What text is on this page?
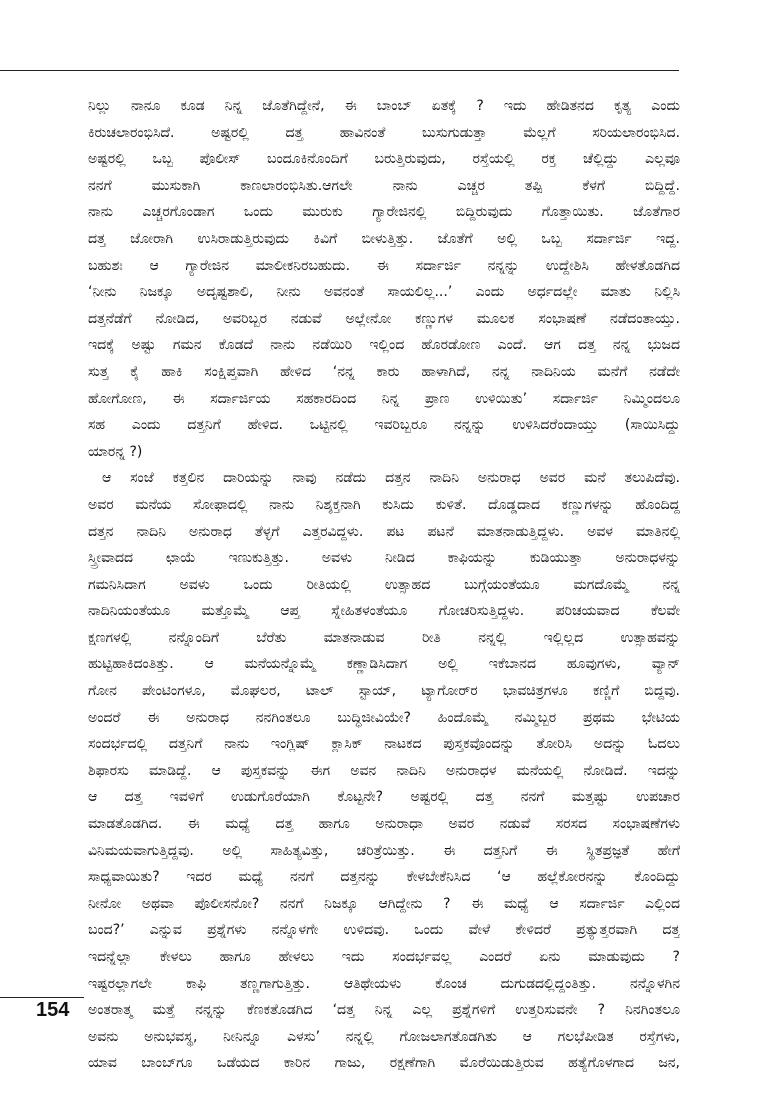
ನಿಲ್ಲು ನಾನೂ ಕೂಡ ನಿನ್ನ ಜೊತೆಗಿದ್ದೇನೆ, ಈ ಬಾಂಬ್ ಏತಕ್ಕೆ ? ಇದು ಹೇಡಿತನದ ಕೃತ್ಯ ಎಂದು
ಕಿರುಚಲಾರಂಭಿಸಿದೆ. ಅಷ್ಟರಲ್ಲಿ ದತ್ತ ಹಾವಿನಂತೆ ಬುಸುಗುಡುತ್ತಾ ಮೆಲ್ಲಗೆ ಸರಿಯಲಾರಂಭಿಸಿದ.
ಅಷ್ಟರಲ್ಲಿ ಒಬ್ಬ ಪೊಲೀಸ್ ಬಂದೂಕಿನೊಂದಿಗೆ ಬರುತ್ತಿರುವುದು, ರಸ್ತೆಯಲ್ಲಿ ರಕ್ತ ಚೆಲ್ಲಿದ್ದು ಎಲ್ಲವೂ
ನನಗೆ ಮುಸುಕಾಗಿ ಕಾಣಲಾರಂಭಿಸಿತು.ಆಗಲೇ ನಾನು ಎಚ್ಚರ ತಪ್ಪಿ ಕೆಳಗೆ ಬಿದ್ದಿದ್ದೆ.
ನಾನು ಎಚ್ಚರಗೊಂಡಾಗ ಒಂದು ಮುರುಕು ಗ್ಯಾರೇಜಿನಲ್ಲಿ ಬಿದ್ದಿರುವುದು ಗೊತ್ತಾಯಿತು. ಜೊತೆಗಾರ
ದತ್ತ ಜೋರಾಗಿ ಉಸಿರಾಡುತ್ತಿರುವುದು ಕಿವಿಗೆ ಬೀಳುತ್ತಿತ್ತು. ಜೊತೆಗೆ ಅಲ್ಲಿ ಒಬ್ಬ ಸರ್ದಾರ್ಜಿ ಇದ್ದ.
ಬಹುಶಃ ಆ ಗ್ಯಾರೇಜಿನ ಮಾಲೀಕನಿರಬಹುದು. ಈ ಸರ್ದಾರ್ಜಿ ನನ್ನನ್ನು ಉದ್ದೇಶಿಸಿ ಹೇಳತೊಡಗಿದ
‘ನೀನು ನಿಜಕ್ಕೂ ಅದೃಷ್ಟಶಾಲಿ, ನೀನು ಅವನಂತೆ ಸಾಯಲಿಲ್ಲ...’ ಎಂದು ಅರ್ಧದಲ್ಲೇ ಮಾತು ನಿಲ್ಲಿಸಿ
ದತ್ತನೆಡೆಗೆ ನೋಡಿದ, ಅವರಿಬ್ಬರ ನಡುವೆ ಅಲ್ಲೇನೋ ಕಣ್ಣುಗಳ ಮೂಲಕ ಸಂಭಾಷಣೆ ನಡೆದಂತಾಯ್ತು.
ಇದಕ್ಕೆ ಅಷ್ಟು ಗಮನ ಕೊಡದೆ ನಾನು ನಡೆಯಿರಿ ಇಲ್ಲಿಂದ ಹೊರಡೋಣ ಎಂದೆ. ಆಗ ದತ್ತ ನನ್ನ ಭುಜದ
ಸುತ್ತ ಕೈ ಹಾಕಿ ಸಂಕ್ಷಿಪ್ತವಾಗಿ ಹೇಳಿದ ‘ನನ್ನ ಕಾರು ಹಾಳಾಗಿದೆ, ನನ್ನ ನಾದಿನಿಯ ಮನೆಗೆ ನಡೆದೇ
ಹೋಗೋಣ, ಈ ಸರ್ದಾರ್ಜಿಯ ಸಹಕಾರದಿಂದ ನಿನ್ನ ಪ್ರಾಣ ಉಳಿಯಿತು’ ಸರ್ದಾರ್ಜಿ ನಿಮ್ಮಿಂದಲೂ
ಸಹ ಎಂದು ದತ್ತನಿಗೆ ಹೇಳಿದ. ಒಟ್ಟಿನಲ್ಲಿ ಇವರಿಬ್ಬರೂ ನನ್ನನ್ನು ಉಳಿಸಿದರೆಂದಾಯ್ತು (ಸಾಯಿಸಿದ್ದು
ಯಾರನ್ನ ?)
ಆ ಸಂಜೆ ಕತ್ತಲಿನ ದಾರಿಯನ್ನು ನಾವು ನಡೆದು ದತ್ತನ ನಾದಿನಿ ಅನುರಾಧ ಅವರ ಮನೆ ತಲುಪಿದೆವು.
ಅವರ ಮನೆಯ ಸೋಫಾದಲ್ಲಿ ನಾನು ನಿಶ್ಶಕ್ತನಾಗಿ ಕುಸಿದು ಕುಳಿತೆ. ದೊಡ್ಡದಾದ ಕಣ್ಣುಗಳನ್ನು ಹೊಂದಿದ್ದ
ದತ್ತನ ನಾದಿನಿ ಅನುರಾಧ ತೆಳ್ಳಗೆ ಎತ್ತರವಿದ್ದಳು. ಪಟ ಪಟನೆ ಮಾತನಾಡುತ್ತಿದ್ದಳು. ಅವಳ ಮಾತಿನಲ್ಲಿ
ಸ್ತ್ರೀವಾದದ ಛಾಯೆ ಇಣುಕುತ್ತಿತ್ತು. ಅವಳು ನೀಡಿದ ಕಾಫಿಯನ್ನು ಕುಡಿಯುತ್ತಾ ಅನುರಾಧಳನ್ನು
ಗಮನಿಸಿದಾಗ ಅವಳು ಒಂದು ರೀತಿಯಲ್ಲಿ ಉತ್ಸಾಹದ ಬುಗ್ಗೆಯಂತೆಯೂ ಮಗದೊಮ್ಮೆ ನನ್ನ
ನಾದಿನಿಯಂತೆಯೂ ಮತ್ತೊಮ್ಮೆ ಆಪ್ತ ಸ್ನೇಹಿತಳಂತೆಯೂ ಗೋಚರಿಸುತ್ತಿದ್ದಳು. ಪರಿಚಯವಾದ ಕೆಲವೇ
ಕ್ಷಣಗಳಲ್ಲಿ ನನ್ನೊಂದಿಗೆ ಬೆರೆತು ಮಾತನಾಡುವ ರೀತಿ ನನ್ನಲ್ಲಿ ಇಲ್ಲಿಲ್ಲದ ಉತ್ಸಾಹವನ್ನು
ಹುಟ್ಟಿಹಾಕಿದಂತಿತ್ತು. ಆ ಮನೆಯನ್ನೊಮ್ಮೆ ಕಣ್ಣಾಡಿಸಿದಾಗ ಅಲ್ಲಿ ಇಕೆಬಾನದ ಹೂವುಗಳು, ವ್ಯಾನ್
ಗೋನ ಪೇಂಟಿಂಗಳೂ, ಮೊಘಲರ, ಟಾಲ್ ಸ್ಟಾಯ್, ಟ್ಯಾಗೋರ್‌ರ ಭಾವಚಿತ್ರಗಳೂ ಕಣ್ಣಿಗೆ ಬಿದ್ದವು.
ಅಂದರೆ ಈ ಅನುರಾಧ ನನಗಿಂತಲೂ ಬುದ್ಧಿಜೀವಿಯೇ? ಹಿಂದೊಮ್ಮೆ ನಮ್ಮಿಬ್ಬರ ಪ್ರಥಮ ಭೇಟಿಯ
ಸಂದರ್ಭದಲ್ಲಿ ದತ್ತನಿಗೆ ನಾನು ಇಂಗ್ಲಿಷ್ ಕ್ಲಾಸಿಕ್ ನಾಟಕದ ಪುಸ್ತಕವೊಂದನ್ನು ತೋರಿಸಿ ಅದನ್ನು ಓದಲು
ಶಿಫಾರಸು ಮಾಡಿದ್ದೆ. ಆ ಪುಸ್ತಕವನ್ನು ಈಗ ಅವನ ನಾದಿನಿ ಅನುರಾಧಳ ಮನೆಯಲ್ಲಿ ನೋಡಿದೆ. ಇದನ್ನು
ಆ ದತ್ತ ಇವಳಿಗೆ ಉಡುಗೊರೆಯಾಗಿ ಕೊಟ್ಟನೇ? ಅಷ್ಟರಲ್ಲಿ ದತ್ತ ನನಗೆ ಮತ್ತಷ್ಟು ಉಪಚಾರ
ಮಾಡತೊಡಗಿದ. ಈ ಮಧ್ಯೆ ದತ್ತ ಹಾಗೂ ಅನುರಾಧಾ ಅವರ ನಡುವೆ ಸರಸದ ಸಂಭಾಷಣೆಗಳು
ವಿನಿಮಯವಾಗುತ್ತಿದ್ದವು. ಅಲ್ಲಿ ಸಾಹಿತ್ಯವಿತ್ತು, ಚರಿತ್ರೆಯಿತ್ತು. ಈ ದತ್ತನಿಗೆ ಈ ಸ್ಥಿತಪ್ರಜ್ಞತೆ ಹೇಗೆ
ಸಾಧ್ಯವಾಯಿತು? ಇದರ ಮಧ್ಯೆ ನನಗೆ ದತ್ತನನ್ನು ಕೇಳಬೇಕೆನಿಸಿದ ‘ಆ ಹಲ್ಲೆಕೋರನನ್ನು ಕೊಂದಿದ್ದು
ನೀನೋ ಅಥವಾ ಪೊಲೀಸನೋ? ನನಗೆ ನಿಜಕ್ಕೂ ಆಗಿದ್ದೇನು ? ಈ ಮಧ್ಯೆ ಆ ಸರ್ದಾರ್ಜಿ ಎಲ್ಲಿಂದ
ಬಂದ?’ ಎನ್ನುವ ಪ್ರಶ್ನೆಗಳು ನನ್ನೊಳಗೇ ಉಳಿದವು. ಒಂದು ವೇಳೆ ಕೇಳಿದರೆ ಪ್ರತ್ಯುತ್ತರವಾಗಿ ದತ್ತ
ಇದನ್ನೆಲ್ಲಾ ಕೇಳಲು ಹಾಗೂ ಹೇಳಲು ಇದು ಸಂದರ್ಭವಲ್ಲ ಎಂದರೆ ಏನು ಮಾಡುವುದು ?
ಇಷ್ಟರಲ್ಲಾಗಲೇ ಕಾಫಿ ತಣ್ಣಗಾಗುತ್ತಿತ್ತು. ಆತಿಥೇಯಳು ಕೊಂಚ ದುಗುಡದಲ್ಲಿದ್ದಂತಿತ್ತು. ನನ್ನೊಳಗಿನ
ಅಂತರಾತ್ಮ ಮತ್ತೆ ನನ್ನನ್ನು ಕೆಣಕತೊಡಗಿದ ‘ದತ್ತ ನಿನ್ನ ಎಲ್ಲ ಪ್ರಶ್ನೆಗಳಿಗೆ ಉತ್ತರಿಸುವನೇ ? ನಿನಗಿಂತಲೂ
ಅವನು ಅನುಭವಸ್ಥ, ನೀನಿನ್ನೂ ಎಳಸು’ ನನ್ನಲ್ಲಿ ಗೋಜಲಾಗತೊಡಗಿತು ಆ ಗಲಭೆಪೀಡಿತ ರಸ್ತೆಗಳು,
ಯಾವ ಬಾಂಬ್‌ಗೂ ಒಡೆಯದ ಕಾರಿನ ಗಾಜು, ರಕ್ಷಣೆಗಾಗಿ ಮೊರೆಯಿಡುತ್ತಿರುವ ಹತ್ಯೆಗೊಳಗಾದ ಜನ,
154
